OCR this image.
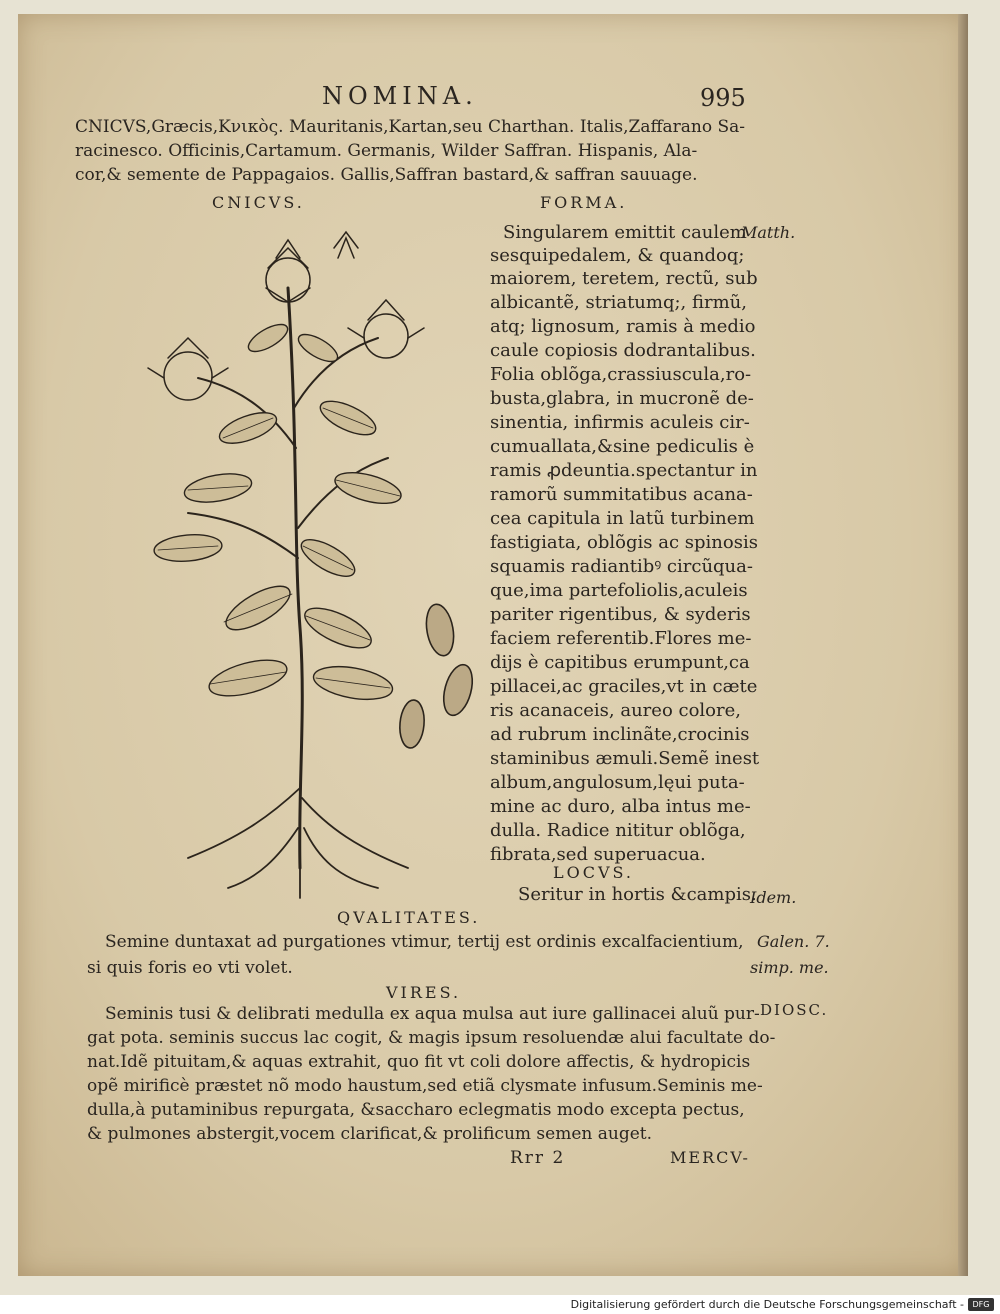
NOMINA.	995
CNICVS,Græcis,Κνικὸς. Mauritanis,Kartan,seu Charthan. Italis,Zaffarano Sa-
racinesco. Officinis,Cartamum. Germanis, Wilder Saffran. Hispanis, Ala-
cor,& semente de Pappagaios. Gallis,Saffran bastard,& saffran sauuage.
CNICVS.	FORMA.
Matth.
Singularem emittit caulem
sesquipedalem, & quandoq;
maiorem, teretem, rectũ, sub
albicantẽ, striatumq;, firmũ,
atq; lignosum, ramis à medio
caule copiosis dodrantalibus.
Folia oblõga,crassiuscula,ro-
busta,glabra, in mucronẽ de-
sinentia, infirmis aculeis cir-
cumuallata,&sine pediculis è
ramis ꝓdeuntia.spectantur in
ramorũ summitatibus acana-
cea capitula in latũ turbinem
fastigiata, oblõgis ac spinosis
squamis radiantibꝰ circũqua-
que,ima partefoliolis,aculeis
pariter rigentibus, & syderis
faciem referentib.Flores me-
dijs è capitibus erumpunt,ca
pillacei,ac graciles,vt in cæte
ris acanaceis, aureo colore,
ad rubrum inclinãte,crocinis
staminibus æmuli.Semẽ inest
album,angulosum,lęui puta-
mine ac duro, alba intus me-
dulla. Radice nititur oblõga,
fibrata,sed superuacua.
LOCVS.
Seritur in hortis &campis.
Idem.
QVALITATES.
Semine duntaxat ad purgationes vtimur, tertij est ordinis excalfacientium,
si quis foris eo vti volet.
Galen. 7.
simp. me.
VIRES.
DIOSC.
Seminis tusi & delibrati medulla ex aqua mulsa aut iure gallinacei aluũ pur-
gat pota. seminis succus lac cogit, & magis ipsum resoluendæ alui facultate do-
nat.Idẽ pituitam,& aquas extrahit, quo fit vt coli dolore affectis, & hydropicis
opẽ mirificè præstet nõ modo haustum,sed etiã clysmate infusum.Seminis me-
dulla,à putaminibus repurgata, &saccharo eclegmatis modo excepta pectus,
& pulmones abstergit,vocem clarificat,& prolificum semen auget.
Rrr 2	MERCV-
Digitalisierung gefördert durch die Deutsche Forschungsgemeinschaft -	DFG
